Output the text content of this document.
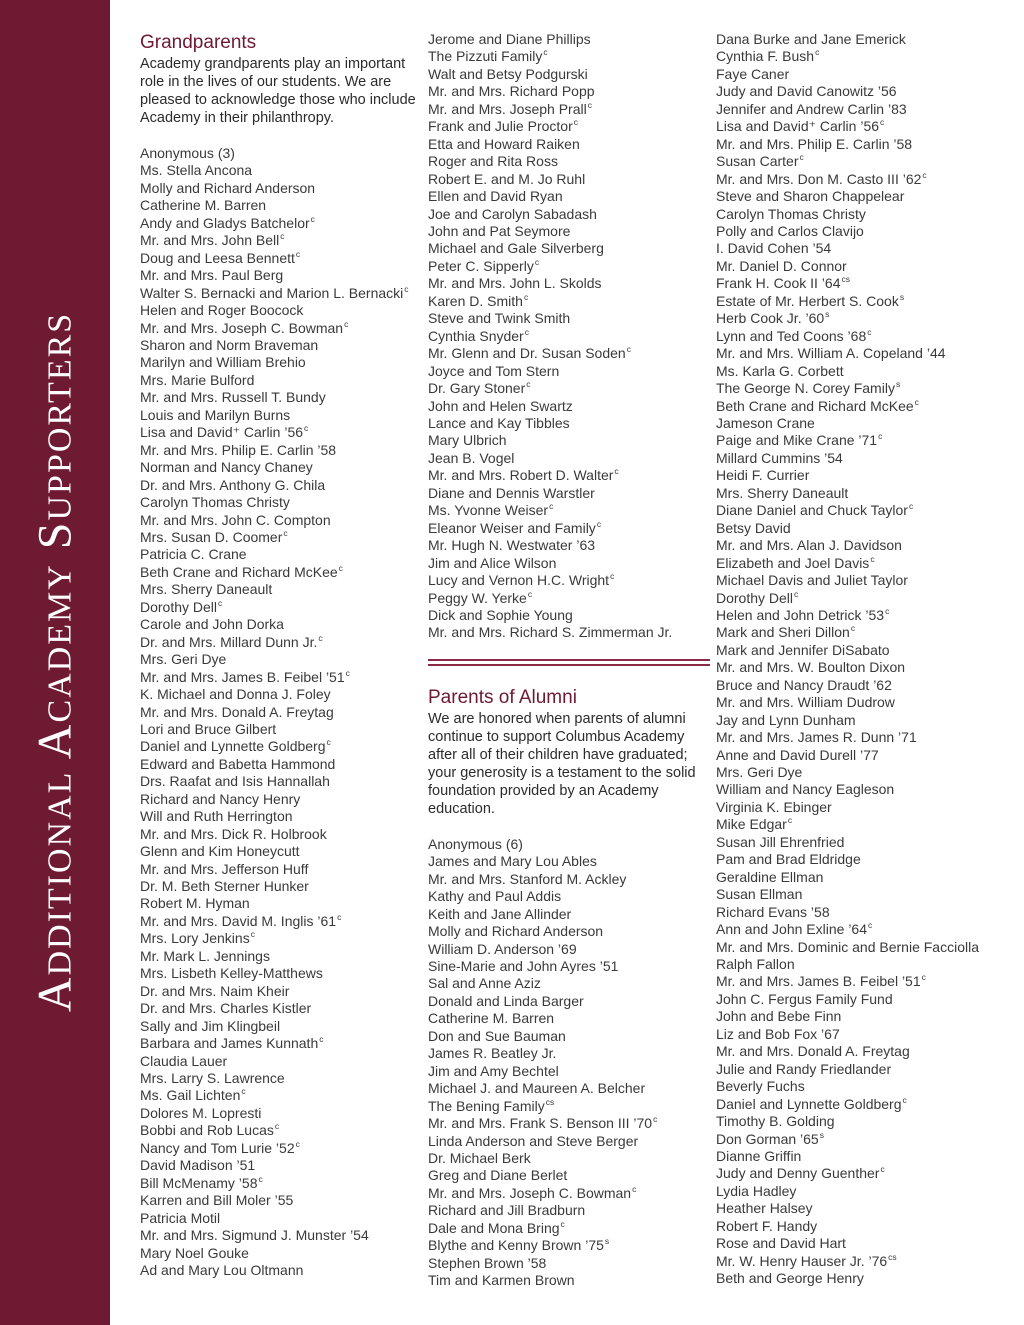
Additional Academy Supporters
Grandparents

Academy grandparents play an important role in the lives of our students. We are pleased to acknowledge those who include Academy in their philanthropy.

Anonymous (3)
Ms. Stella Ancona
Molly and Richard Anderson
Catherine M. Barren
Andy and Gladys Batchelor$^c$
Mr. and Mrs. John Bell$^c$
Doug and Leesa Bennett$^c$
Mr. and Mrs. Paul Berg
Walter S. Bernacki and Marion L. Bernacki$^c$
Helen and Roger Boocock
Mr. and Mrs. Joseph C. Bowman$^c$
Sharon and Norm Braveman
Marilyn and William Brehio
Mrs. Marie Bulford
Mr. and Mrs. Russell T. Bundy
Louis and Marilyn Burns
Lisa and David⁺ Carlin ’56$^c$
Mr. and Mrs. Philip E. Carlin ’58
Norman and Nancy Chaney
Dr. and Mrs. Anthony G. Chila
Carolyn Thomas Christy
Mr. and Mrs. John C. Compton
Mrs. Susan D. Coomer$^c$
Patricia C. Crane
Beth Crane and Richard McKee$^c$
Mrs. Sherry Daneault
Dorothy Dell$^c$
Carole and John Dorka
Dr. and Mrs. Millard Dunn Jr.$^c$
Mrs. Geri Dye
Mr. and Mrs. James B. Feibel ’51$^c$
K. Michael and Donna J. Foley
Mr. and Mrs. Donald A. Freytag
Lori and Bruce Gilbert
Daniel and Lynnette Goldberg$^c$
Edward and Babetta Hammond
Drs. Raafat and Isis Hannallah
Richard and Nancy Henry
Will and Ruth Herrington
Mr. and Mrs. Dick R. Holbrook
Glenn and Kim Honeycutt
Mr. and Mrs. Jefferson Huff
Dr. M. Beth Sterner Hunker
Robert M. Hyman
Mr. and Mrs. David M. Inglis ’61$^c$
Mrs. Lory Jenkins$^c$
Mr. Mark L. Jennings
Mrs. Lisbeth Kelley-Matthews
Dr. and Mrs. Naim Kheir
Dr. and Mrs. Charles Kistler
Sally and Jim Klingbeil
Barbara and James Kunnath$^c$
Claudia Lauer
Mrs. Larry S. Lawrence
Ms. Gail Lichten$^c$
Dolores M. Lopresti
Bobbi and Rob Lucas$^c$
Nancy and Tom Lurie ’52$^c$
David Madison ’51
Bill McMenamy ’58$^c$
Karren and Bill Moler ’55
Patricia Motil
Mr. and Mrs. Sigmund J. Munster ’54
Mary Noel Gouke
Ad and Mary Lou Oltmann
Jerome and Diane Phillips
The Pizzuti Family$^c$
Walt and Betsy Podgurski
Mr. and Mrs. Richard Popp
Mr. and Mrs. Joseph Prall$^c$
Frank and Julie Proctor$^c$
Etta and Howard Raiken
Roger and Rita Ross
Robert E. and M. Jo Ruhl
Ellen and David Ryan
Joe and Carolyn Sabadash
John and Pat Seymore
Michael and Gale Silverberg
Peter C. Sipperly$^c$
Mr. and Mrs. John L. Skolds
Karen D. Smith$^c$
Steve and Twink Smith
Cynthia Snyder$^c$
Mr. Glenn and Dr. Susan Soden$^c$
Joyce and Tom Stern
Dr. Gary Stoner$^c$
John and Helen Swartz
Lance and Kay Tibbles
Mary Ulbrich
Jean B. Vogel
Mr. and Mrs. Robert D. Walter$^c$
Diane and Dennis Warstler
Ms. Yvonne Weiser$^c$
Eleanor Weiser and Family$^c$
Mr. Hugh N. Westwater ’63
Jim and Alice Wilson
Lucy and Vernon H.C. Wright$^c$
Peggy W. Yerke$^c$
Dick and Sophie Young
Mr. and Mrs. Richard S. Zimmerman Jr.
Parents of Alumni

We are honored when parents of alumni continue to support Columbus Academy after all of their children have graduated; your generosity is a testament to the solid foundation provided by an Academy education.

Anonymous (6)
James and Mary Lou Ables
Mr. and Mrs. Stanford M. Ackley
Kathy and Paul Addis
Keith and Jane Allinder
Molly and Richard Anderson
William D. Anderson ’69
Sine-Marie and John Ayres ’51
Sal and Anne Aziz
Donald and Linda Barger
Catherine M. Barren
Don and Sue Bauman
James R. Beatley Jr.
Jim and Amy Bechtel
Michael J. and Maureen A. Belcher
The Bening Family$^{cs}$
Mr. and Mrs. Frank S. Benson III ’70$^c$
Linda Anderson and Steve Berger
Dr. Michael Berk
Greg and Diane Berlet
Mr. and Mrs. Joseph C. Bowman$^c$
Richard and Jill Bradburn
Dale and Mona Bring$^c$
Blythe and Kenny Brown ’75$^s$
Stephen Brown ’58
Tim and Karmen Brown
Dana Burke and Jane Emerick
Cynthia F. Bush$^c$
Faye Caner
Judy and David Canowitz ’56
Jennifer and Andrew Carlin ’83
Lisa and David⁺ Carlin ’56$^c$
Mr. and Mrs. Philip E. Carlin ’58
Susan Carter$^c$
Mr. and Mrs. Don M. Casto III ’62$^c$
Steve and Sharon Chappelear
Carolyn Thomas Christy
Polly and Carlos Clavijo
I. David Cohen ’54
Mr. Daniel D. Connor
Frank H. Cook II $’64^{cs}$
Estate of Mr. Herbert S. Cook$^s$
Herb Cook Jr. ’60$^s$
Lynn and Ted Coons ’68$^c$
Mr. and Mrs. William A. Copeland ’44
Ms. Karla G. Corbett
The George N. Corey Family$^s$
Beth Crane and Richard McKee$^c$
Jameson Crane
Paige and Mike Crane ’71$^c$
Millard Cummins ’54
Heidi F. Currier
Mrs. Sherry Daneault
Diane Daniel and Chuck Taylor$^c$
Betsy David
Mr. and Mrs. Alan J. Davidson
Elizabeth and Joel Davis$^c$
Michael Davis and Juliet Taylor
Dorothy Dell$^c$
Helen and John Detrick ’53$^c$
Mark and Sheri Dillon$^c$
Mark and Jennifer DiSabato
Mr. and Mrs. W. Boulton Dixon
Bruce and Nancy Draudt ’62
Mr. and Mrs. William Dudrow
Jay and Lynn Dunham
Mr. and Mrs. James R. Dunn ’71
Anne and David Durell ’77
Mrs. Geri Dye
William and Nancy Eagleson
Virginia K. Ebinger
Mike Edgar$^c$
Susan Jill Ehrenfried
Pam and Brad Eldridge
Geraldine Ellman
Susan Ellman
Richard Evans ’58
Ann and John Exline ’64$^c$
Mr. and Mrs. Dominic and Bernie Facciolla
Ralph Fallon
Mr. and Mrs. James B. Feibel ’51$^c$
John C. Fergus Family Fund
John and Bebe Finn
Liz and Bob Fox ’67
Mr. and Mrs. Donald A. Freytag
Julie and Randy Friedlander
Beverly Fuchs
Daniel and Lynnette Goldberg$^c$
Timothy B. Golding
Don Gorman ’65$^s$
Dianne Griffin
Judy and Denny Guenther$^c$
Lydia Hadley
Heather Halsey
Robert F. Handy
Rose and David Hart
Mr. W. Henry Hauser Jr. $’76^{cs}$
Beth and George Henry
